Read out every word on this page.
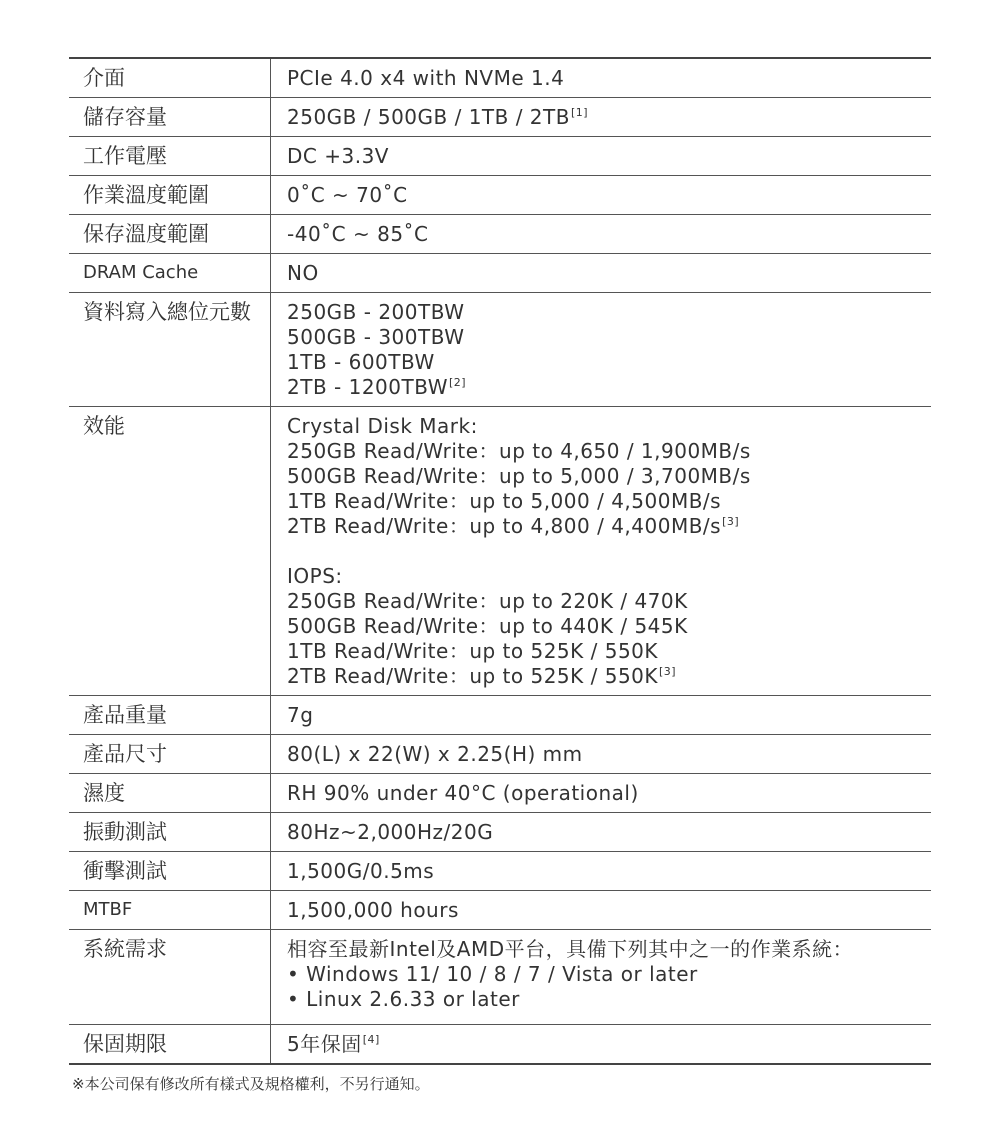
介面	PCIe 4.0 x4 with NVMe 1.4
儲存容量	250GB / 500GB / 1TB / 2TB[1]
工作電壓	DC +3.3V
作業溫度範圍	0˚C ~ 70˚C
保存溫度範圍	-40˚C ~ 85˚C
DRAM Cache	NO
資料寫入總位元數	250GB - 200TBW
500GB - 300TBW
1TB - 600TBW
2TB - 1200TBW[2]
效能	Crystal Disk Mark:
250GB Read/Write：up to 4,650 / 1,900MB/s
500GB Read/Write：up to 5,000 / 3,700MB/s
1TB Read/Write：up to 5,000 / 4,500MB/s
2TB Read/Write：up to 4,800 / 4,400MB/s[3]
IOPS:
250GB Read/Write：up to 220K / 470K
500GB Read/Write：up to 440K / 545K
1TB Read/Write：up to 525K / 550K
2TB Read/Write：up to 525K / 550K[3]
產品重量	7g
產品尺寸	80(L) x 22(W) x 2.25(H) mm
濕度	RH 90% under 40°C (operational)
振動測試	80Hz~2,000Hz/20G
衝擊測試	1,500G/0.5ms
MTBF	1,500,000 hours
系統需求	相容至最新Intel及AMD平台，具備下列其中之一的作業系統：
• Windows 11/ 10 / 8 / 7 / Vista or later
• Linux 2.6.33 or later
保固期限	5年保固[4]
※本公司保有修改所有樣式及規格權利，不另行通知。
